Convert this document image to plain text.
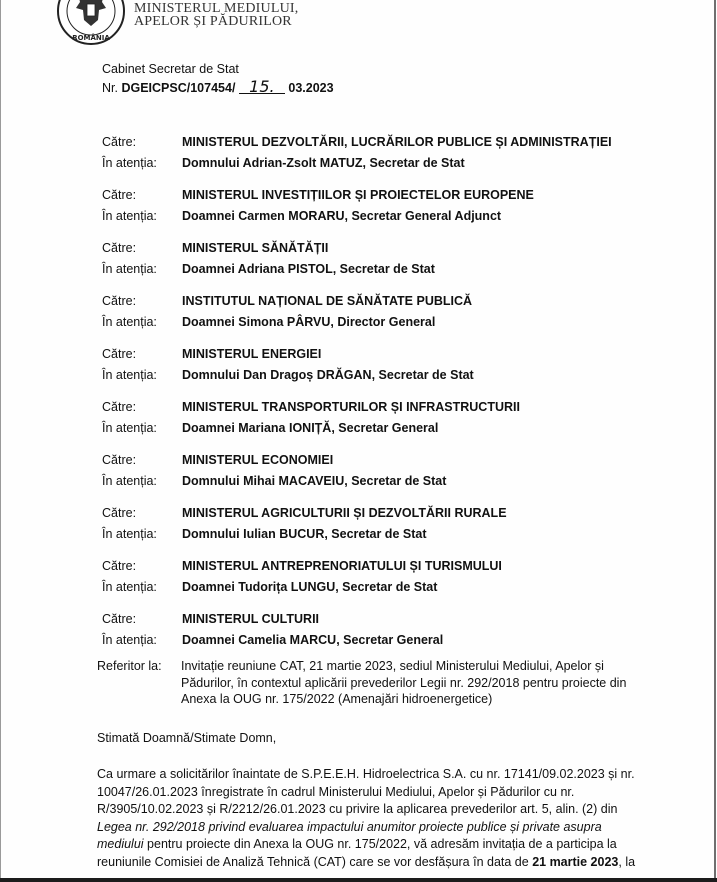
ROMÂNIA
MINISTERUL MEDIULUI,
APELOR ȘI PĂDURILOR
Cabinet Secretar de Stat
Nr. DGEICPSC/107454/ 15. 03.2023
Către:	MINISTERUL DEZVOLTĂRII, LUCRĂRILOR PUBLICE ȘI ADMINISTRAȚIEI
În atenția: Domnului Adrian-Zsolt MATUZ, Secretar de Stat
Către:	MINISTERUL INVESTIȚIILOR ȘI PROIECTELOR EUROPENE
În atenția: Doamnei Carmen MORARU, Secretar General Adjunct
Către:	MINISTERUL SĂNĂTĂȚII
În atenția: Doamnei Adriana PISTOL, Secretar de Stat
Către:	INSTITUTUL NAȚIONAL DE SĂNĂTATE PUBLICĂ
În atenția: Doamnei Simona PÂRVU, Director General
Către:	MINISTERUL ENERGIEI
În atenția: Domnului Dan Dragoș DRĂGAN, Secretar de Stat
Către:	MINISTERUL TRANSPORTURILOR ȘI INFRASTRUCTURII
În atenția: Doamnei Mariana IONIȚĂ, Secretar General
Către:	MINISTERUL ECONOMIEI
În atenția: Domnului Mihai MACAVEIU, Secretar de Stat
Către:	MINISTERUL AGRICULTURII ȘI DEZVOLTĂRII RURALE
În atenția: Domnului Iulian BUCUR, Secretar de Stat
Către:	MINISTERUL ANTREPRENORIATULUI ȘI TURISMULUI
În atenția: Doamnei Tudorița LUNGU, Secretar de Stat
Către:	MINISTERUL CULTURII
În atenția: Doamnei Camelia MARCU, Secretar General
Referitor la: Invitație reuniune CAT, 21 martie 2023, sediul Ministerului Mediului, Apelor și
Pădurilor, în contextul aplicării prevederilor Legii nr. 292/2018 pentru proiecte din
Anexa la OUG nr. 175/2022 (Amenajări hidroenergetice)
Stimată Doamnă/Stimate Domn,
Ca urmare a solicitărilor înaintate de S.P.E.E.H. Hidroelectrica S.A. cu nr. 17141/09.02.2023 și nr.
10047/26.01.2023 înregistrate în cadrul Ministerului Mediului, Apelor și Pădurilor cu nr.
R/3905/10.02.2023 și R/2212/26.01.2023 cu privire la aplicarea prevederilor art. 5, alin. (2) din
Legea nr. 292/2018 privind evaluarea impactului anumitor proiecte publice și private asupra
mediului pentru proiecte din Anexa la OUG nr. 175/2022, vă adresăm invitația de a participa la
reuniunile Comisiei de Analiză Tehnică (CAT) care se vor desfășura în data de 21 martie 2023, la
